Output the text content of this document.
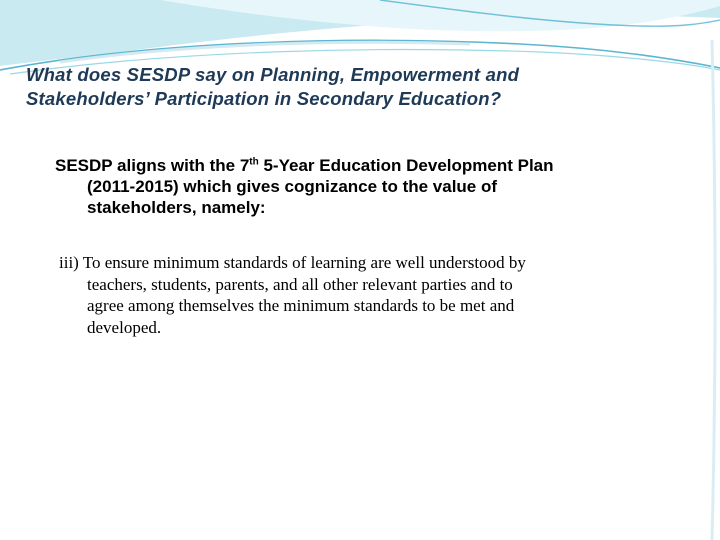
What does SESDP say on Planning, Empowerment and
Stakeholders’ Participation in Secondary Education?

SESDP aligns with the 7th 5-Year Education Development Plan
(2011-2015) which gives cognizance to the value of
stakeholders, namely:

iii) To ensure minimum standards of learning are well understood by
teachers, students, parents, and all other relevant parties and to
agree among themselves the minimum standards to be met and
developed.
